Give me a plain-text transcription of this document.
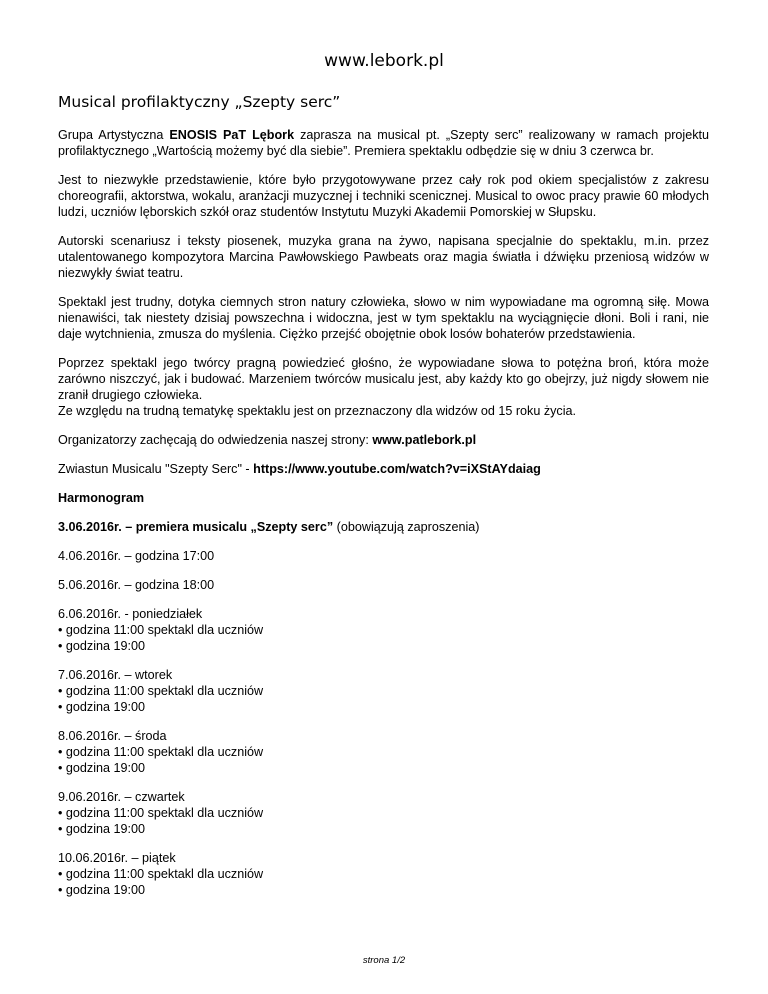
www.lebork.pl
Musical profilaktyczny „Szepty serc”

Grupa Artystyczna ENOSIS PaT Lębork zaprasza na musical pt. „Szepty serc” realizowany w ramach projektu profilaktycznego „Wartością możemy być dla siebie”. Premiera spektaklu odbędzie się w dniu 3 czerwca br.

Jest to niezwykłe przedstawienie, które było przygotowywane przez cały rok pod okiem specjalistów z zakresu choreografii, aktorstwa, wokalu, aranżacji muzycznej i techniki scenicznej. Musical to owoc pracy prawie 60 młodych ludzi, uczniów lęborskich szkół oraz studentów Instytutu Muzyki Akademii Pomorskiej w Słupsku.

Autorski scenariusz i teksty piosenek, muzyka grana na żywo, napisana specjalnie do spektaklu, m.in. przez utalentowanego kompozytora Marcina Pawłowskiego Pawbeats oraz magia światła i dźwięku przeniosą widzów w niezwykły świat teatru.

Spektakl jest trudny, dotyka ciemnych stron natury człowieka, słowo w nim wypowiadane ma ogromną siłę. Mowa nienawiści, tak niestety dzisiaj powszechna i widoczna, jest w tym spektaklu na wyciągnięcie dłoni. Boli i rani, nie daje wytchnienia, zmusza do myślenia. Ciężko przejść obojętnie obok losów bohaterów przedstawienia.

Poprzez spektakl jego twórcy pragną powiedzieć głośno, że wypowiadane słowa to potężna broń, która może zarówno niszczyć, jak i budować. Marzeniem twórców musicalu jest, aby każdy kto go obejrzy, już nigdy słowem nie zranił drugiego człowieka.
Ze względu na trudną tematykę spektaklu jest on przeznaczony dla widzów od 15 roku życia.

Organizatorzy zachęcają do odwiedzenia naszej strony: www.patlebork.pl

Zwiastun Musicalu "Szepty Serc" - https://www.youtube.com/watch?v=iXStAYdaiag

Harmonogram

3.06.2016r. – premiera musicalu „Szepty serc” (obowiązują zaproszenia)

4.06.2016r. – godzina 17:00

5.06.2016r. – godzina 18:00

6.06.2016r. - poniedziałek
• godzina 11:00 spektakl dla uczniów
• godzina 19:00

7.06.2016r. – wtorek
• godzina 11:00 spektakl dla uczniów
• godzina 19:00

8.06.2016r. – środa
• godzina 11:00 spektakl dla uczniów
• godzina 19:00

9.06.2016r. – czwartek
• godzina 11:00 spektakl dla uczniów
• godzina 19:00

10.06.2016r. – piątek
• godzina 11:00 spektakl dla uczniów
• godzina 19:00

strona 1/2
